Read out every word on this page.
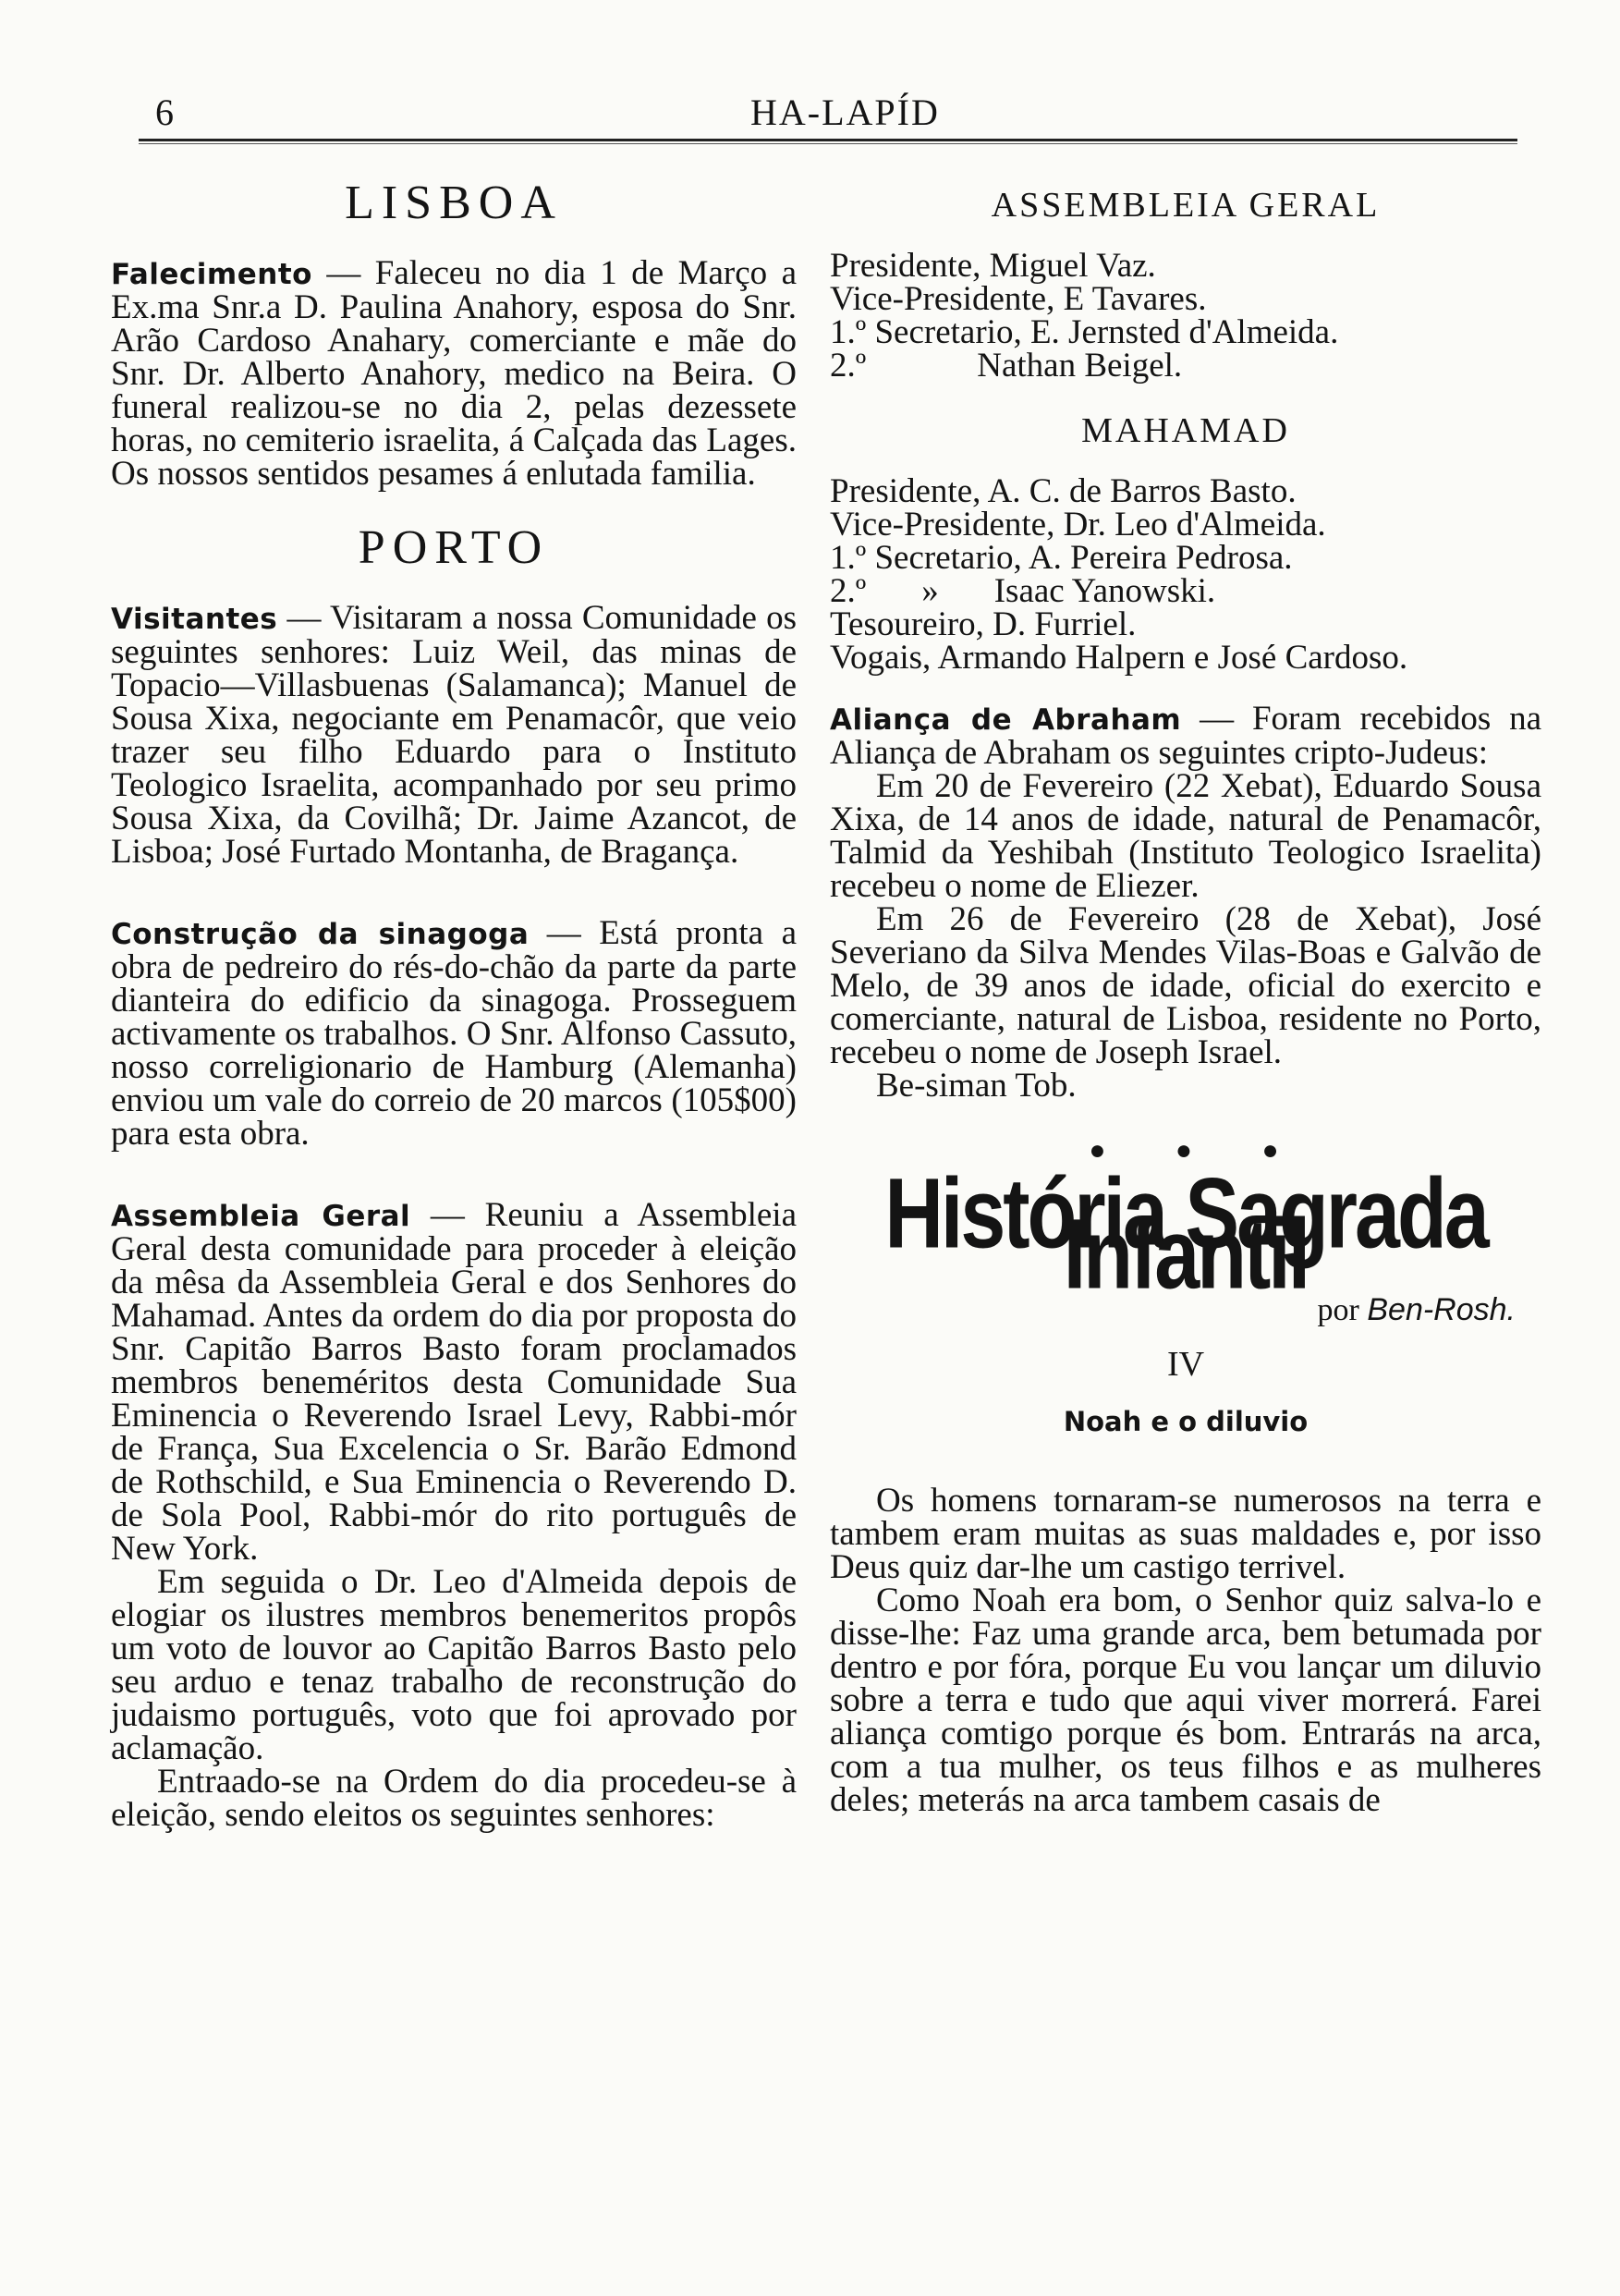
6	HA-LAPÍD
LISBOA

Falecimento — Faleceu no dia 1 de Março a Ex.ma Snr.a D. Paulina Anahory, esposa do Snr. Arão Cardoso Anahary, comerciante e mãe do Snr. Dr. Alberto Anahory, medico na Beira. O funeral realizou-se no dia 2, pelas dezessete horas, no cemiterio israelita, á Calçada das Lages. Os nossos sentidos pesames á enlutada familia.

PORTO

Visitantes — Visitaram a nossa Comunidade os seguintes senhores: Luiz Weil, das minas de Topacio—Villasbuenas (Salamanca); Manuel de Sousa Xixa, negociante em Penamacôr, que veio trazer seu filho Eduardo para o Instituto Teologico Israelita, acompanhado por seu primo Sousa Xixa, da Covilhã; Dr. Jaime Azancot, de Lisboa; José Furtado Montanha, de Bragança.

Construção da sinagoga — Está pronta a obra de pedreiro do rés-do-chão da parte da parte dianteira do edificio da sinagoga. Prosseguem activamente os trabalhos. O Snr. Alfonso Cassuto, nosso correligionario de Hamburg (Alemanha) enviou um vale do correio de 20 marcos (105$00) para esta obra.

Assembleia Geral — Reuniu a Assembleia Geral desta comunidade para proceder à eleição da mêsa da Assembleia Geral e dos Senhores do Mahamad. Antes da ordem do dia por proposta do Snr. Capitão Barros Basto foram proclamados membros beneméritos desta Comunidade Sua Eminencia o Reverendo Israel Levy, Rabbi-mór de França, Sua Excelencia o Sr. Barão Edmond de Rothschild, e Sua Eminencia o Reverendo D. de Sola Pool, Rabbi-mór do rito português de New York.

Em seguida o Dr. Leo d'Almeida depois de elogiar os ilustres membros benemeritos propôs um voto de louvor ao Capitão Barros Basto pelo seu arduo e tenaz trabalho de reconstrução do judaismo português, voto que foi aprovado por aclamação.

Entraado-se na Ordem do dia procedeu-se à eleição, sendo eleitos os seguintes senhores:

ASSEMBLEIA GERAL
Presidente, Miguel Vaz.
Vice-Presidente, E Tavares.
1.º Secretario, E. Jernsted d'Almeida.
2.º	Nathan Beigel.
MAHAMAD
Presidente, A. C. de Barros Basto.
Vice-Presidente, Dr. Leo d'Almeida.
1.º Secretario, A. Pereira Pedrosa.
2.º » Isaac Yanowski.
Tesoureiro, D. Furriel.
Vogais, Armando Halpern e José Cardoso.

Aliança de Abraham — Foram recebidos na Aliança de Abraham os seguintes cripto-Judeus:

Em 20 de Fevereiro (22 Xebat), Eduardo Sousa Xixa, de 14 anos de idade, natural de Penamacôr, Talmid da Yeshibah (Instituto Teologico Israelita) recebeu o nome de Eliezer.

Em 26 de Fevereiro (28 de Xebat), José Severiano da Silva Mendes Vilas-Boas e Galvão de Melo, de 39 anos de idade, oficial do exercito e comerciante, natural de Lisboa, residente no Porto, recebeu o nome de Joseph Israel.

Be-siman Tob.

● ● ●
História Sagrada Infantil
por Ben-Rosh.
IV
Noah e o diluvio

Os homens tornaram-se numerosos na terra e tambem eram muitas as suas maldades e, por isso Deus quiz dar-lhe um castigo terrivel.

Como Noah era bom, o Senhor quiz salva-lo e disse-lhe: Faz uma grande arca, bem betumada por dentro e por fóra, porque Eu vou lançar um diluvio sobre a terra e tudo que aqui viver morrerá. Farei aliança comtigo porque és bom. Entrarás na arca, com a tua mulher, os teus filhos e as mulheres deles; meterás na arca tambem casais de
